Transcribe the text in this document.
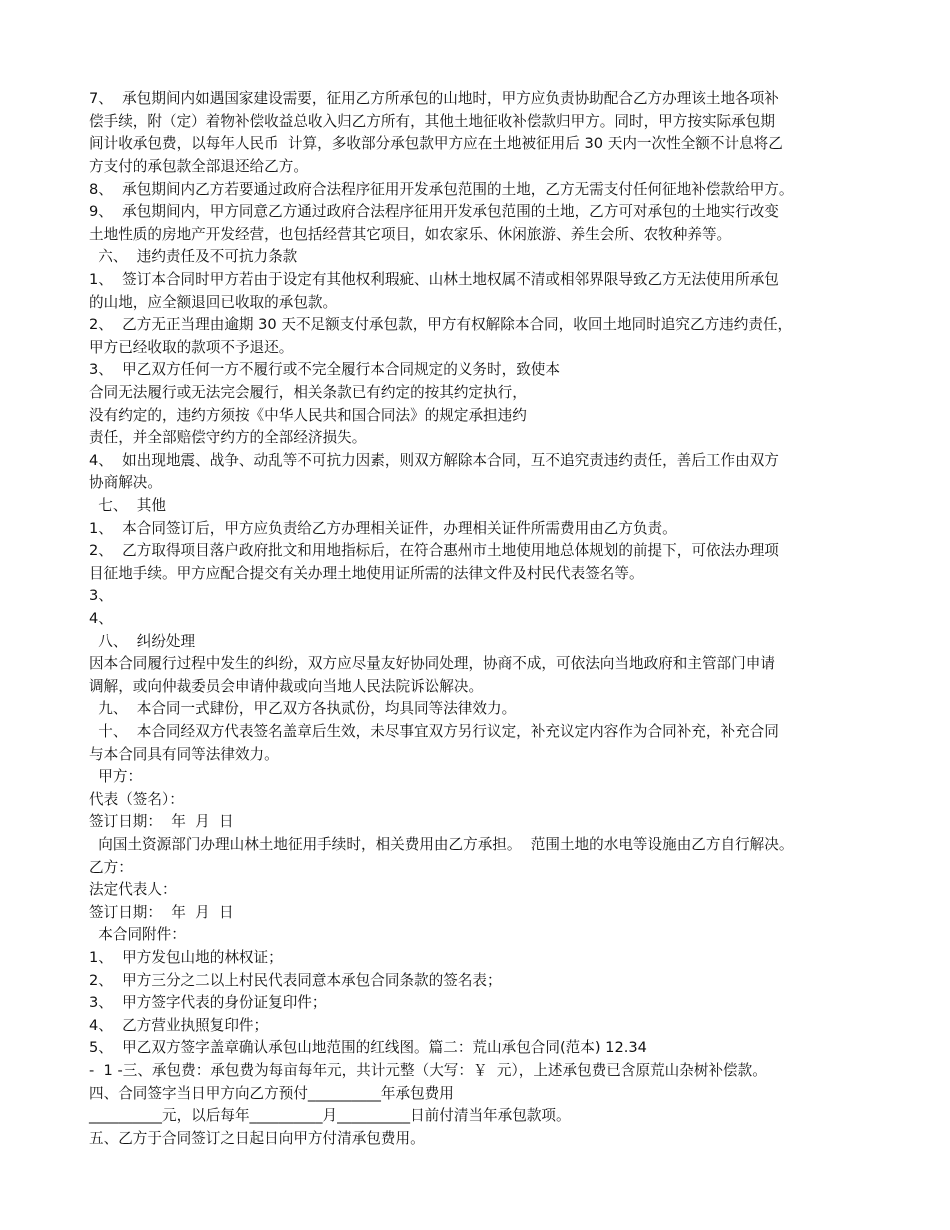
7、  承包期间内如遇国家建设需要，征用乙方所承包的山地时，甲方应负责协助配合乙方办理该土地各项补

偿手续，附（定）着物补偿收益总收入归乙方所有，其他土地征收补偿款归甲方。同时，甲方按实际承包期

间计收承包费，以每年人民币  计算，多收部分承包款甲方应在土地被征用后 30 天内一次性全额不计息将乙

方支付的承包款全部退还给乙方。

8、  承包期间内乙方若要通过政府合法程序征用开发承包范围的土地，乙方无需支付任何征地补偿款给甲方。

9、  承包期间内，甲方同意乙方通过政府合法程序征用开发承包范围的土地，乙方可对承包的土地实行改变

土地性质的房地产开发经营，也包括经营其它项目，如农家乐、休闲旅游、养生会所、农牧种养等。

六、  违约责任及不可抗力条款

1、  签订本合同时甲方若由于设定有其他权利瑕疵、山林土地权属不清或相邻界限导致乙方无法使用所承包

的山地，应全额退回已收取的承包款。

2、  乙方无正当理由逾期 30 天不足额支付承包款，甲方有权解除本合同，收回土地同时追究乙方违约责任，

甲方已经收取的款项不予退还。

3、  甲乙双方任何一方不履行或不完全履行本合同规定的义务时，致使本

合同无法履行或无法完会履行，相关条款已有约定的按其约定执行，

没有约定的，违约方须按《中华人民共和国合同法》的规定承担违约

责任，并全部赔偿守约方的全部经济损失。

4、  如出现地震、战争、动乱等不可抗力因素，则双方解除本合同，互不追究责违约责任，善后工作由双方

协商解决。

七、  其他

1、  本合同签订后，甲方应负责给乙方办理相关证件，办理相关证件所需费用由乙方负责。

2、  乙方取得项目落户政府批文和用地指标后，在符合惠州市土地使用地总体规划的前提下，可依法办理项

目征地手续。甲方应配合提交有关办理土地使用证所需的法律文件及村民代表签名等。

3、

4、

八、  纠纷处理

因本合同履行过程中发生的纠纷，双方应尽量友好协同处理，协商不成，可依法向当地政府和主管部门申请

调解，或向仲裁委员会申请仲裁或向当地人民法院诉讼解决。

九、  本合同一式肆份，甲乙双方各执贰份，均具同等法律效力。

十、  本合同经双方代表签名盖章后生效，未尽事宜双方另行议定，补充议定内容作为合同补充，补充合同

与本合同具有同等法律效力。

甲方：

代表（签名）：

签订日期：  年  月  日

向国土资源部门办理山林土地征用手续时，相关费用由乙方承担。  范围土地的水电等设施由乙方自行解决。

乙方：

法定代表人：

签订日期：  年  月  日

本合同附件：

1、  甲方发包山地的林权证；

2、  甲方三分之二以上村民代表同意本承包合同条款的签名表；

3、  甲方签字代表的身份证复印件；

4、  乙方营业执照复印件；

5、  甲乙双方签字盖章确认承包山地范围的红线图。篇二：荒山承包合同(范本) 12.34

-  1 -三、承包费：承包费为每亩每年元，共计元整（大写：￥  元），上述承包费已含原荒山杂树补偿款。

四、合同签字当日甲方向乙方预付__________年承包费用

__________元，以后每年__________月__________日前付清当年承包款项。

五、乙方于合同签订之日起日向甲方付清承包费用。
